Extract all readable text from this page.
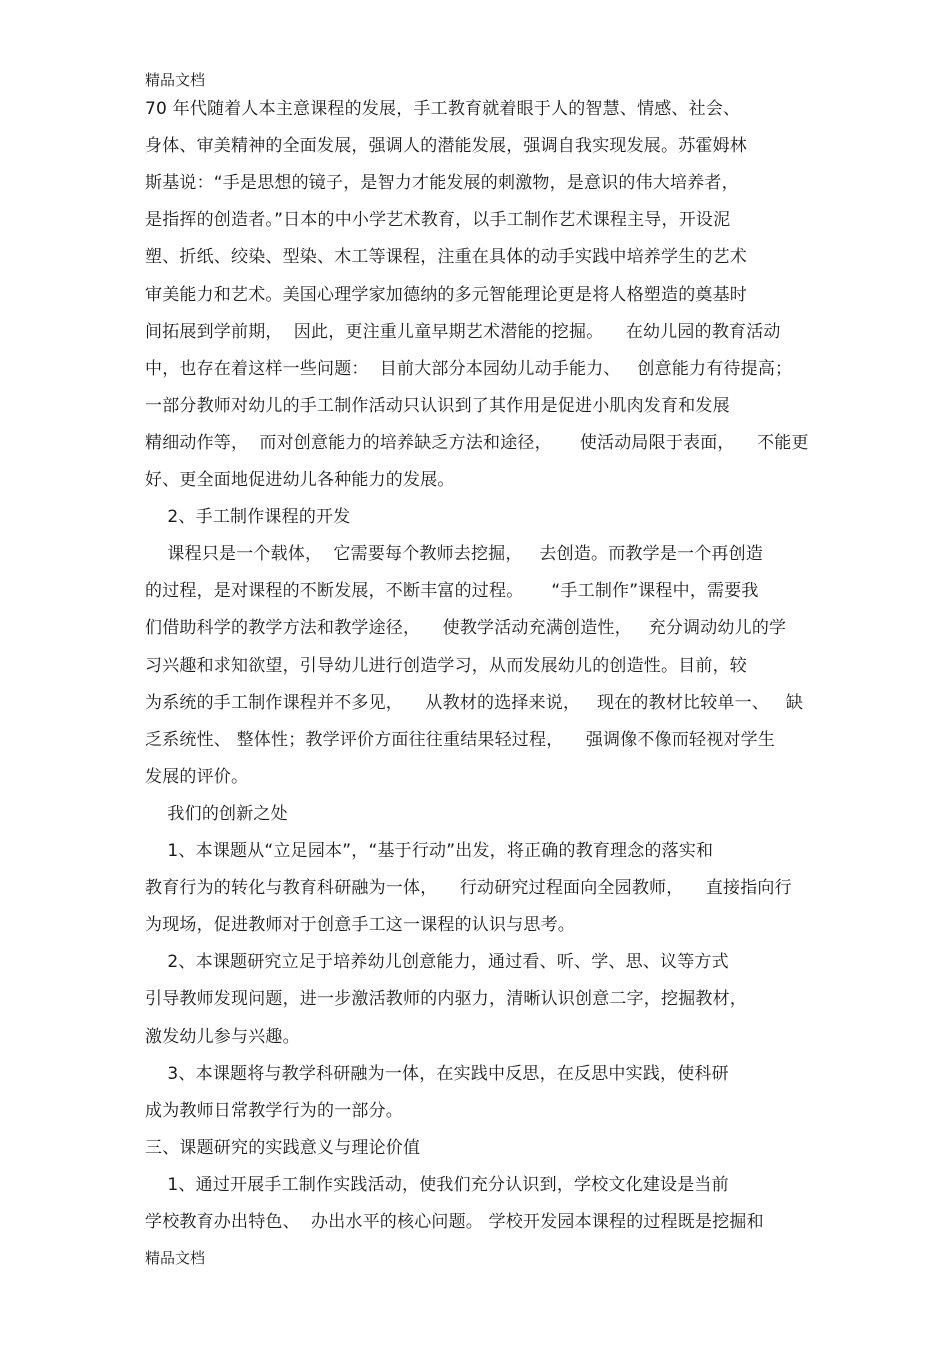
精品文档
70 年代随着人本主意课程的发展，手工教育就着眼于人的智慧、情感、社会、
身体、审美精神的全面发展，强调人的潜能发展，强调自我实现发展。苏霍姆林
斯基说：“手是思想的镜子，是智力才能发展的刺激物，是意识的伟大培养者，
是指挥的创造者。”日本的中小学艺术教育，以手工制作艺术课程主导，开设泥
塑、折纸、绞染、型染、木工等课程，注重在具体的动手实践中培养学生的艺术
审美能力和艺术。美国心理学家加德纳的多元智能理论更是将人格塑造的奠基时
间拓展到学前期，  因此，更注重儿童早期艺术潜能的挖掘。    在幼儿园的教育活动
中，也存在着这样一些问题：  目前大部分本园幼儿动手能力、   创意能力有待提高；
一部分教师对幼儿的手工制作活动只认识到了其作用是促进小肌肉发育和发展
精细动作等，  而对创意能力的培养缺乏方法和途径，     使活动局限于表面，    不能更
好、更全面地促进幼儿各种能力的发展。
2、手工制作课程的开发
课程只是一个载体，  它需要每个教师去挖掘，   去创造。而教学是一个再创造
的过程，是对课程的不断发展，不断丰富的过程。     “手工制作”课程中，需要我
们借助科学的教学方法和教学途径，    使教学活动充满创造性，   充分调动幼儿的学
习兴趣和求知欲望，引导幼儿进行创造学习，从而发展幼儿的创造性。目前，较
为系统的手工制作课程并不多见，    从教材的选择来说，   现在的教材比较单一、   缺
乏系统性、 整体性；教学评价方面往往重结果轻过程，    强调像不像而轻视对学生
发展的评价。
我们的创新之处
1、本课题从“立足园本”，“基于行动”出发，将正确的教育理念的落实和
教育行为的转化与教育科研融为一体，    行动研究过程面向全园教师，    直接指向行
为现场，促进教师对于创意手工这一课程的认识与思考。
2、本课题研究立足于培养幼儿创意能力，通过看、听、学、思、议等方式
引导教师发现问题，进一步激活教师的内驱力，清晰认识创意二字，挖掘教材，
激发幼儿参与兴趣。
3、本课题将与教学科研融为一体，在实践中反思，在反思中实践，使科研
成为教师日常教学行为的一部分。
三、课题研究的实践意义与理论价值
1、通过开展手工制作实践活动，使我们充分认识到，学校文化建设是当前
学校教育办出特色、  办出水平的核心问题。 学校开发园本课程的过程既是挖掘和
精品文档
